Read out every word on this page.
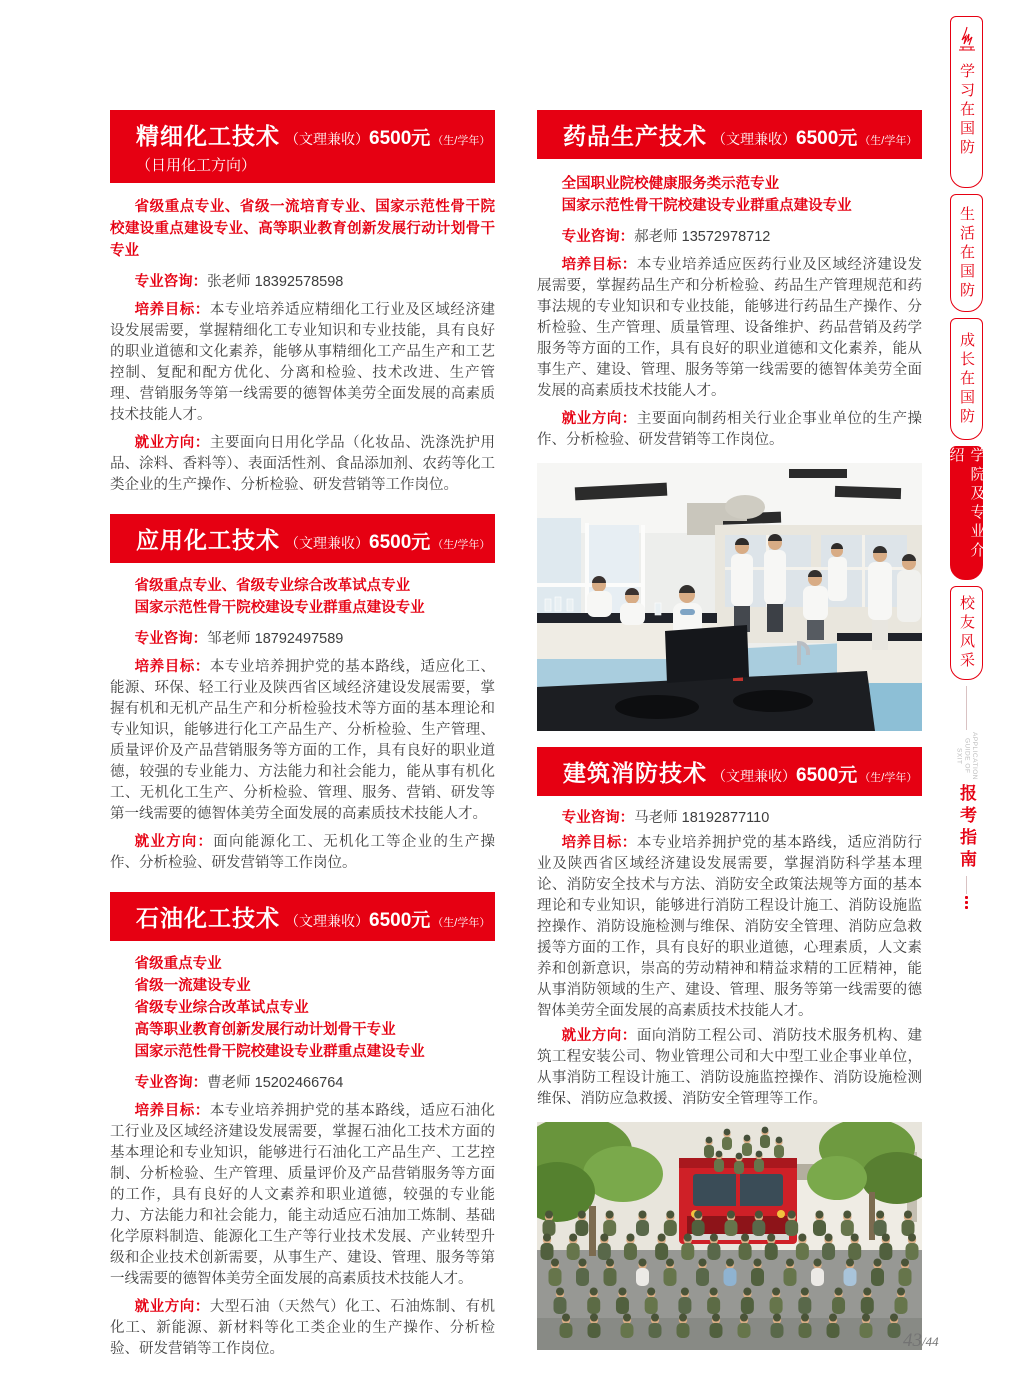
精细化工技术 （文理兼收） 6500元 （生/学年）
（日用化工方向）

省级重点专业、省级一流培育专业、国家示范性骨干院校建设重点建设专业、高等职业教育创新发展行动计划骨干专业

专业咨询：张老师 18392578598

培养目标：本专业培养适应精细化工行业及区域经济建设发展需要，掌握精细化工专业知识和专业技能，具有良好的职业道德和文化素养，能够从事精细化工产品生产和工艺控制、复配和配方优化、分离和检验、技术改进、生产管理、营销服务等第一线需要的德智体美劳全面发展的高素质技术技能人才。

就业方向：主要面向日用化学品（化妆品、洗涤洗护用品、涂料、香料等）、表面活性剂、食品添加剂、农药等化工类企业的生产操作、分析检验、研发营销等工作岗位。

应用化工技术 （文理兼收） 6500元 （生/学年）

省级重点专业、省级专业综合改革试点专业

国家示范性骨干院校建设专业群重点建设专业

专业咨询：邹老师 18792497589

培养目标：本专业培养拥护党的基本路线，适应化工、能源、环保、轻工行业及陕西省区域经济建设发展需要，掌握有机和无机产品生产和分析检验技术等方面的基本理论和专业知识，能够进行化工产品生产、分析检验、生产管理、质量评价及产品营销服务等方面的工作，具有良好的职业道德，较强的专业能力、方法能力和社会能力，能从事有机化工、无机化工生产、分析检验、管理、服务、营销、研发等第一线需要的德智体美劳全面发展的高素质技术技能人才。

就业方向：面向能源化工、无机化工等企业的生产操作、分析检验、研发营销等工作岗位。

石油化工技术 （文理兼收） 6500元 （生/学年）

省级重点专业

省级一流建设专业

省级专业综合改革试点专业

高等职业教育创新发展行动计划骨干专业

国家示范性骨干院校建设专业群重点建设专业

专业咨询：曹老师 15202466764

培养目标：本专业培养拥护党的基本路线，适应石油化工行业及区域经济建设发展需要，掌握石油化工技术方面的基本理论和专业知识，能够进行石油化工产品生产、工艺控制、分析检验、生产管理、质量评价及产品营销服务等方面的工作，具有良好的人文素养和职业道德，较强的专业能力、方法能力和社会能力，能主动适应石油加工炼制、基础化学原料制造、能源化工生产等行业技术发展、产业转型升级和企业技术创新需要，从事生产、建设、管理、服务等第一线需要的德智体美劳全面发展的高素质技术技能人才。

就业方向：大型石油（天然气）化工、石油炼制、有机化工、新能源、新材料等化工类企业的生产操作、分析检验、研发营销等工作岗位。

药品生产技术 （文理兼收） 6500元 （生/学年）

全国职业院校健康服务类示范专业

国家示范性骨干院校建设专业群重点建设专业

专业咨询：郝老师 13572978712

培养目标：本专业培养适应医药行业及区域经济建设发展需要，掌握药品生产和分析检验、药品生产管理规范和药事法规的专业知识和专业技能，能够进行药品生产操作、分析检验、生产管理、质量管理、设备维护、药品营销及药学服务等方面的工作，具有良好的职业道德和文化素养，能从事生产、建设、管理、服务等第一线需要的德智体美劳全面发展的高素质技术技能人才。

就业方向：主要面向制药相关行业企事业单位的生产操作、分析检验、研发营销等工作岗位。

建筑消防技术 （文理兼收） 6500元 （生/学年）

专业咨询：马老师 18192877110

培养目标：本专业培养拥护党的基本路线，适应消防行业及陕西省区域经济建设发展需要，掌握消防科学基本理论、消防安全技术与方法、消防安全政策法规等方面的基本理论和专业知识，能够进行消防工程设计施工、消防设施监控操作、消防设施检测与维保、消防安全管理、消防应急救援等方面的工作，具有良好的职业道德，心理素质，人文素养和创新意识，崇高的劳动精神和精益求精的工匠精神，能从事消防领域的生产、建设、管理、服务等第一线需要的德智体美劳全面发展的高素质技术技能人才。

就业方向：面向消防工程公司、消防技术服务机构、建筑工程安装公司、物业管理公司和大中型工业企事业单位，从事消防工程设计施工、消防设施监控操作、消防设施检测维保、消防应急救援、消防安全管理等工作。

学习在国防
生活在国防
成长在国防
学院及专业介绍
校友风采
APPLICATION GUIDE OF SXIT
报考指南
43/44
